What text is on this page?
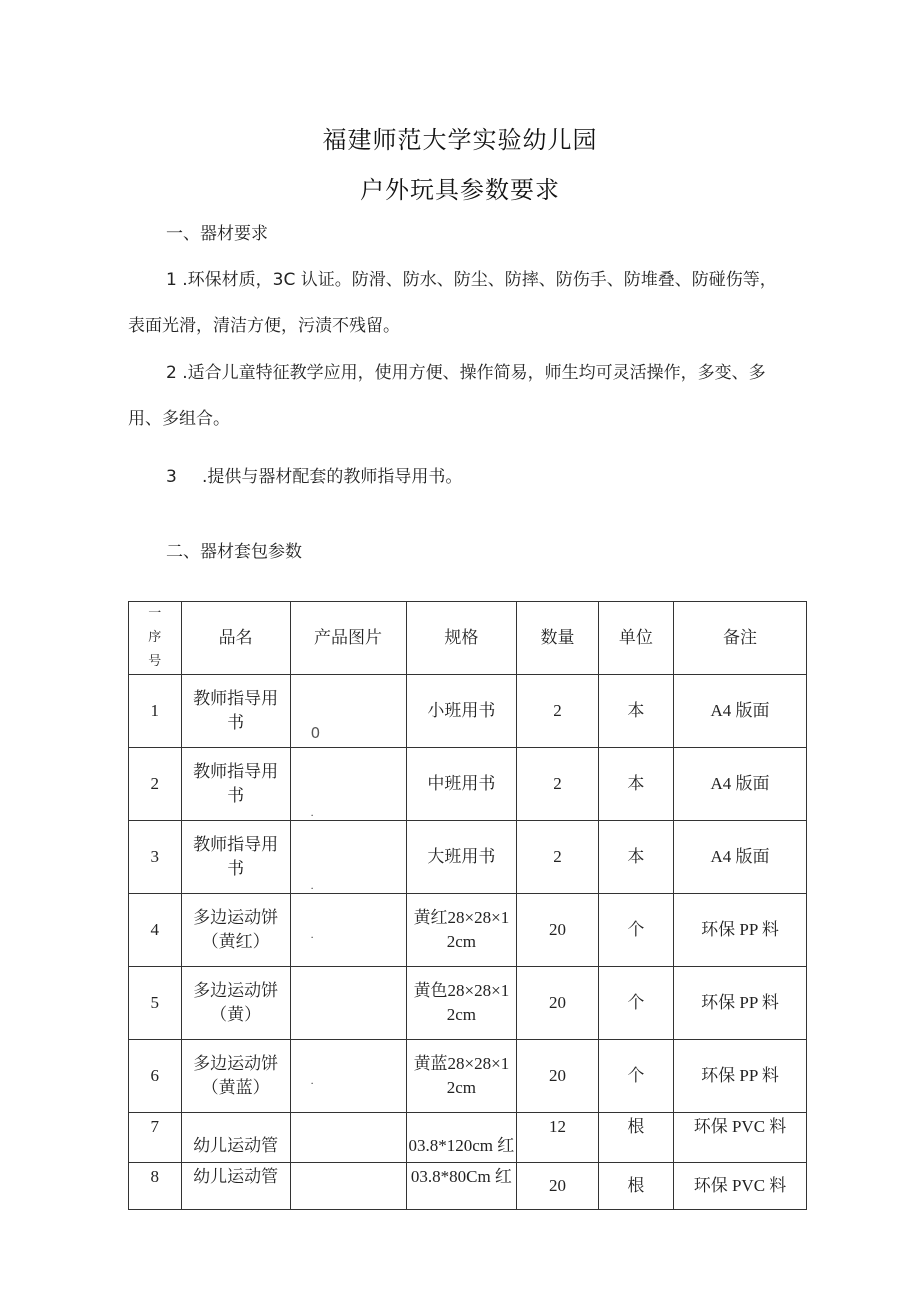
福建师范大学实验幼儿园
户外玩具参数要求
一、器材要求
1 .环保材质，3C 认证。防滑、防水、防尘、防摔、防伤手、防堆叠、防碰伤等，表面光滑，清洁方便，污渍不残留。
2 .适合儿童特征教学应用，使用方便、操作简易，师生均可灵活操作，多变、多用、多组合。
3 .提供与器材配套的教师指导用书。
二、器材套包参数
一
序
号	品名	产品图片	规格	数量	单位	备注
1	教师指导用书	0	小班用书	2	本	A4 版面
2	教师指导用书	.	中班用书	2	本	A4 版面
3	教师指导用书	.	大班用书	2	本	A4 版面
4	多边运动饼（黄红）	.	黄红28×28×12cm	20	个	环保 PP 料
5	多边运动饼（黄）		黄色28×28×12cm	20	个	环保 PP 料
6	多边运动饼（黄蓝）	.	黄蓝28×28×12cm	20	个	环保 PP 料
7	幼儿运动管		03.8*120cm 红	12	根	环保 PVC 料
8	幼儿运动管		03.8*80Cm 红	20	根	环保 PVC 料
